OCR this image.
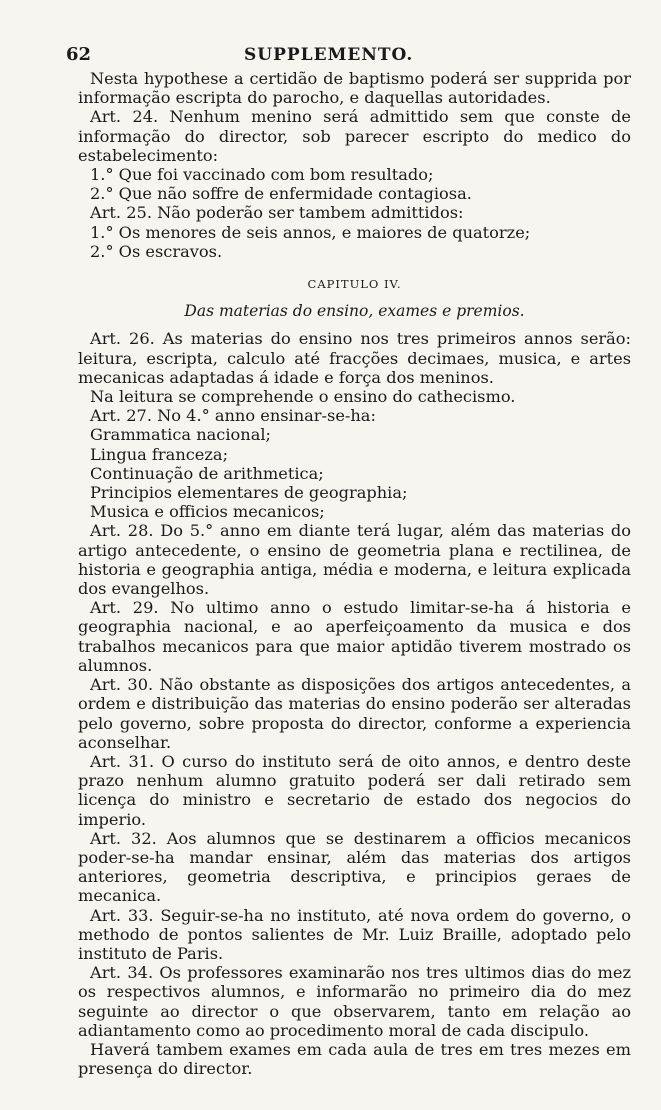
62	SUPPLEMENTO.

Nesta hypothese a certidão de baptismo poderá ser supprida por informação escripta do parocho, e daquellas autoridades.

Art. 24. Nenhum menino será admittido sem que conste de informação do director, sob parecer escripto do medico do estabelecimento:

1.° Que foi vaccinado com bom resultado;

2.° Que não soffre de enfermidade contagiosa.

Art. 25. Não poderão ser tambem admittidos:

1.° Os menores de seis annos, e maiores de quatorze;

2.° Os escravos.

CAPITULO IV.
Das materias do ensino, exames e premios.

Art. 26. As materias do ensino nos tres primeiros annos serão: leitura, escripta, calculo até fracções decimaes, musica, e artes mecanicas adaptadas á idade e força dos meninos.

Na leitura se comprehende o ensino do cathecismo.

Art. 27. No 4.° anno ensinar-se-ha:

Grammatica nacional;

Lingua franceza;

Continuação de arithmetica;

Principios elementares de geographia;

Musica e officios mecanicos;

Art. 28. Do 5.° anno em diante terá lugar, além das materias do artigo antecedente, o ensino de geometria plana e rectilinea, de historia e geographia antiga, média e moderna, e leitura explicada dos evangelhos.

Art. 29. No ultimo anno o estudo limitar-se-ha á historia e geographia nacional, e ao aperfeiçoamento da musica e dos trabalhos mecanicos para que maior aptidão tiverem mostrado os alumnos.

Art. 30. Não obstante as disposições dos artigos antecedentes, a ordem e distribuição das materias do ensino poderão ser alteradas pelo governo, sobre proposta do director, conforme a experiencia aconselhar.

Art. 31. O curso do instituto será de oito annos, e dentro deste prazo nenhum alumno gratuito poderá ser dali retirado sem licença do ministro e secretario de estado dos negocios do imperio.

Art. 32. Aos alumnos que se destinarem a officios mecanicos poder-se-ha mandar ensinar, além das materias dos artigos anteriores, geometria descriptiva, e principios geraes de mecanica.

Art. 33. Seguir-se-ha no instituto, até nova ordem do governo, o methodo de pontos salientes de Mr. Luiz Braille, adoptado pelo instituto de Paris.

Art. 34. Os professores examinarão nos tres ultimos dias do mez os respectivos alumnos, e informarão no primeiro dia do mez seguinte ao director o que observarem, tanto em relação ao adiantamento como ao procedimento moral de cada discipulo.

Haverá tambem exames em cada aula de tres em tres mezes em presença do director.
